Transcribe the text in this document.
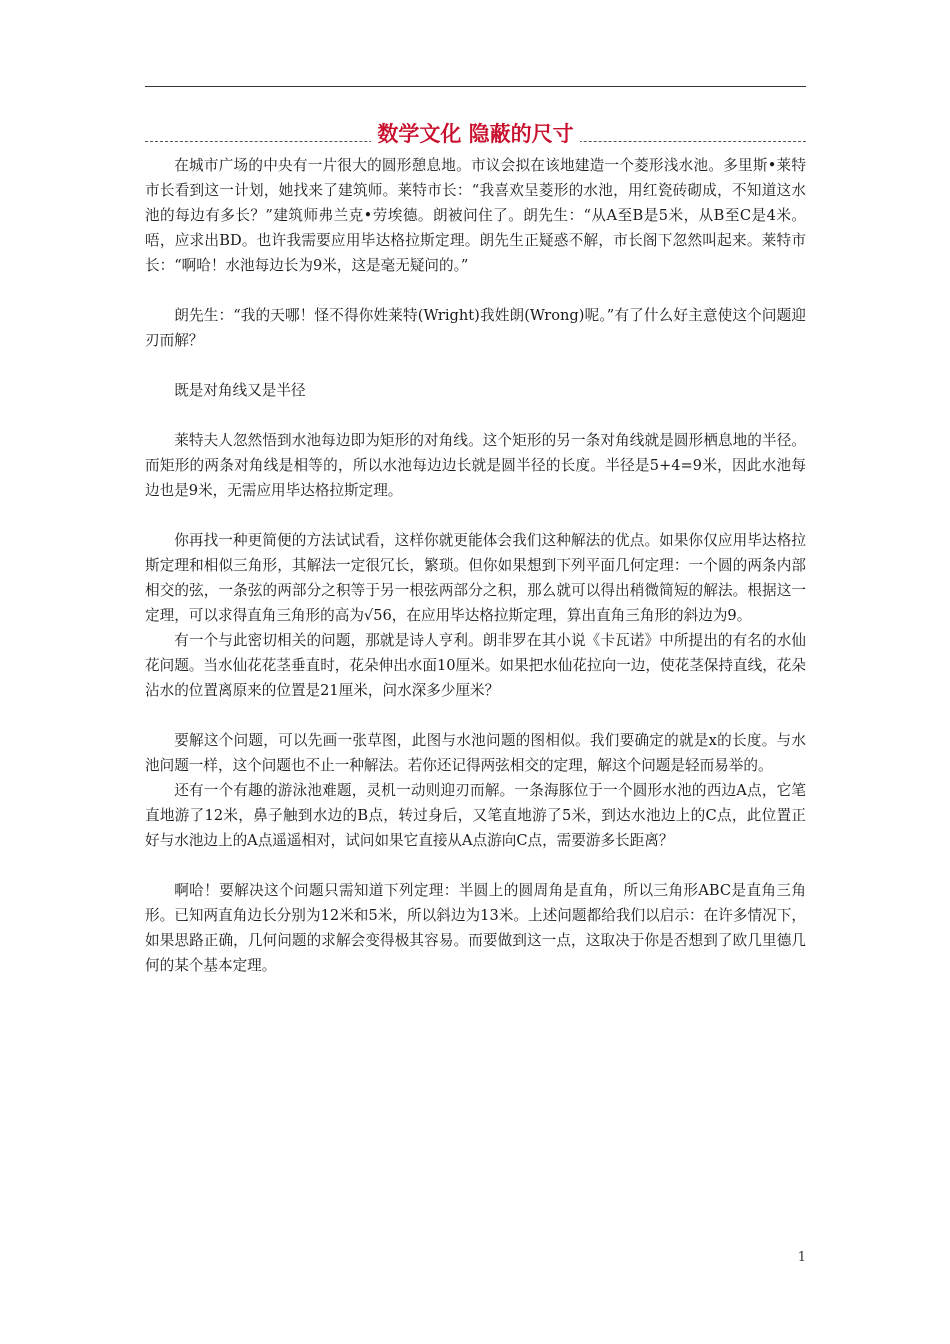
数学文化 隐蔽的尺寸

在城市广场的中央有一片很大的圆形憩息地。市议会拟在该地建造一个菱形浅水池。多里斯•莱特市长看到这一计划，她找来了建筑师。莱特市长：“我喜欢呈菱形的水池，用红瓷砖砌成，不知道这水池的每边有多长？”建筑师弗兰克•劳埃德。朗被问住了。朗先生：“从A至B是5米，从B至C是4米。唔，应求出BD。也许我需要应用毕达格拉斯定理。朗先生正疑惑不解，市长阁下忽然叫起来。莱特市长：“啊哈！水池每边长为9米，这是毫无疑问的。”

朗先生：“我的天哪！怪不得你姓莱特(Wright)我姓朗(Wrong)呢。”有了什么好主意使这个问题迎刃而解？

既是对角线又是半径

莱特夫人忽然悟到水池每边即为矩形的对角线。这个矩形的另一条对角线就是圆形栖息地的半径。而矩形的两条对角线是相等的，所以水池每边边长就是圆半径的长度。半径是5+4=9米，因此水池每边也是9米，无需应用毕达格拉斯定理。

你再找一种更简便的方法试试看，这样你就更能体会我们这种解法的优点。如果你仅应用毕达格拉斯定理和相似三角形，其解法一定很冗长，繁琐。但你如果想到下列平面几何定理：一个圆的两条内部相交的弦，一条弦的两部分之积等于另一根弦两部分之积，那么就可以得出稍微简短的解法。根据这一定理，可以求得直角三角形的高为√56，在应用毕达格拉斯定理，算出直角三角形的斜边为9。

有一个与此密切相关的问题，那就是诗人亨利。朗非罗在其小说《卡瓦诺》中所提出的有名的水仙花问题。当水仙花花茎垂直时，花朵伸出水面10厘米。如果把水仙花拉向一边，使花茎保持直线，花朵沾水的位置离原来的位置是21厘米，问水深多少厘米？

要解这个问题，可以先画一张草图，此图与水池问题的图相似。我们要确定的就是x的长度。与水池问题一样，这个问题也不止一种解法。若你还记得两弦相交的定理，解这个问题是轻而易举的。

还有一个有趣的游泳池难题，灵机一动则迎刃而解。一条海豚位于一个圆形水池的西边A点，它笔直地游了12米，鼻子触到水边的B点，转过身后，又笔直地游了5米，到达水池边上的C点，此位置正好与水池边上的A点遥遥相对，试问如果它直接从A点游向C点，需要游多长距离？

啊哈！要解决这个问题只需知道下列定理：半圆上的圆周角是直角，所以三角形ABC是直角三角形。已知两直角边长分别为12米和5米，所以斜边为13米。上述问题都给我们以启示：在许多情况下，如果思路正确，几何问题的求解会变得极其容易。而要做到这一点，这取决于你是否想到了欧几里德几何的某个基本定理。

1
